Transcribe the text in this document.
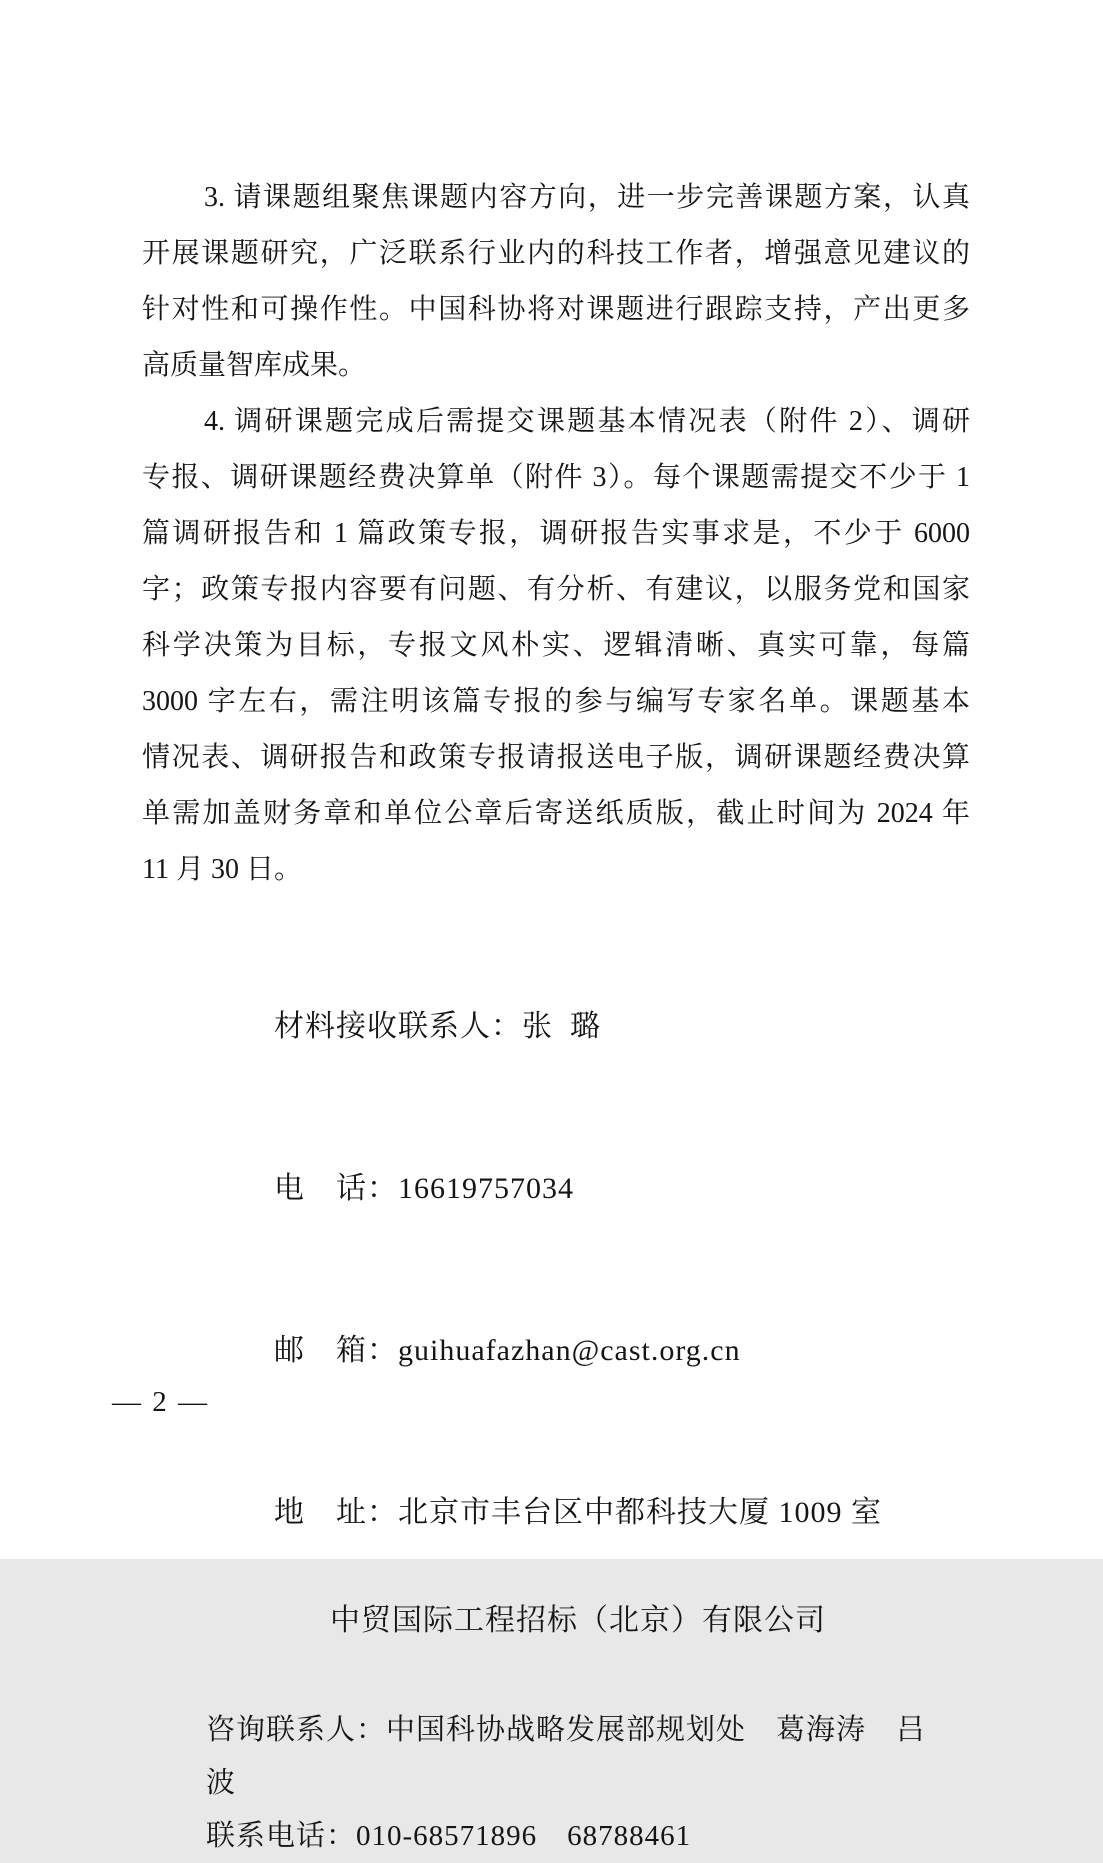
3. 请课题组聚焦课题内容方向，进一步完善课题方案，认真
开展课题研究，广泛联系行业内的科技工作者，增强意见建议的
针对性和可操作性。中国科协将对课题进行跟踪支持，产出更多
高质量智库成果。
4. 调研课题完成后需提交课题基本情况表（附件 2）、调研
专报、调研课题经费决算单（附件 3）。每个课题需提交不少于 1
篇调研报告和 1 篇政策专报，调研报告实事求是，不少于 6000
字；政策专报内容要有问题、有分析、有建议，以服务党和国家
科学决策为目标，专报文风朴实、逻辑清晰、真实可靠，每篇
3000 字左右，需注明该篇专报的参与编写专家名单。课题基本
情况表、调研报告和政策专报请报送电子版，调研课题经费决算
单需加盖财务章和单位公章后寄送纸质版，截止时间为 2024 年
11 月 30 日。

材料接收联系人：张  璐

电　话：16619757034

邮　箱：guihuafazhan@cast.org.cn

地　址：北京市丰台区中都科技大厦 1009 室

中贸国际工程招标（北京）有限公司
咨询联系人：中国科协战略发展部规划处　葛海涛　吕　波
联系电话：010-68571896　68788461
— 2 —
